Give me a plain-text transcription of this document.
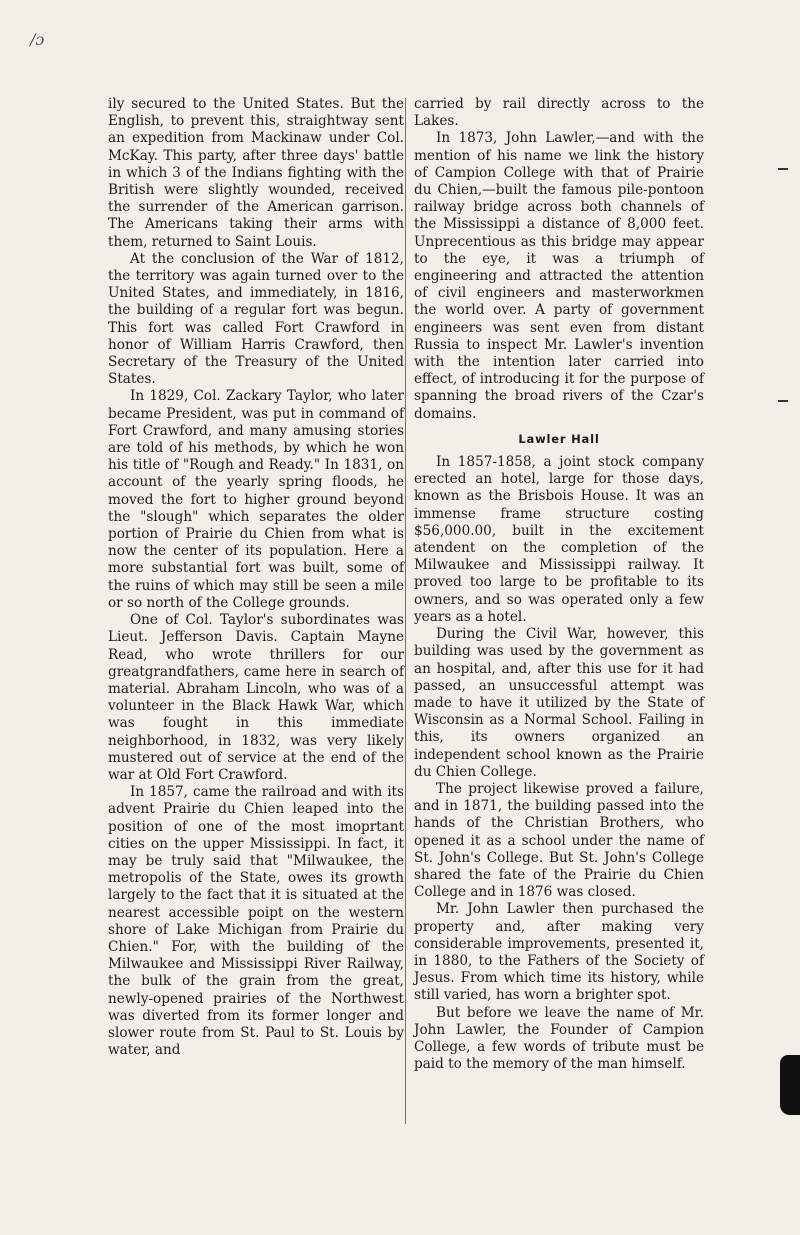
/ɔ

ily secured to the United States. But the English, to prevent this, straightway sent an expedition from Mackinaw under Col. McKay. This party, after three days' battle in which 3 of the Indians fighting with the British were slightly wounded, received the surrender of the American garrison. The Americans taking their arms with them, returned to Saint Louis.

At the conclusion of the War of 1812, the territory was again turned over to the United States, and immediately, in 1816, the building of a regular fort was begun. This fort was called Fort Crawford in honor of William Harris Crawford, then Secretary of the Treasury of the United States.

In 1829, Col. Zackary Taylor, who later became President, was put in command of Fort Crawford, and many amusing stories are told of his methods, by which he won his title of "Rough and Ready." In 1831, on account of the yearly spring floods, he moved the fort to higher ground beyond the "slough" which separates the older portion of Prairie du Chien from what is now the center of its population. Here a more substantial fort was built, some of the ruins of which may still be seen a mile or so north of the College grounds.

One of Col. Taylor's subordinates was Lieut. Jefferson Davis. Captain Mayne Read, who wrote thrillers for our greatgrandfathers, came here in search of material. Abraham Lincoln, who was of a volunteer in the Black Hawk War, which was fought in this immediate neighborhood, in 1832, was very likely mustered out of service at the end of the war at Old Fort Crawford.

In 1857, came the railroad and with its advent Prairie du Chien leaped into the position of one of the most imoprtant cities on the upper Mississippi. In fact, it may be truly said that "Milwaukee, the metropolis of the State, owes its growth largely to the fact that it is situated at the nearest accessible poipt on the western shore of Lake Michigan from Prairie du Chien." For, with the building of the Milwaukee and Mississippi River Railway, the bulk of the grain from the great, newly-opened prairies of the Northwest was diverted from its former longer and slower route from St. Paul to St. Louis by water, and

carried by rail directly across to the Lakes.

In 1873, John Lawler,—and with the mention of his name we link the history of Campion College with that of Prairie du Chien,—built the famous pile-pontoon railway bridge across both channels of the Mississippi a distance of 8,000 feet. Unprecentious as this bridge may appear to the eye, it was a triumph of engineering and attracted the attention of civil engineers and masterworkmen the world over. A party of government engineers was sent even from distant Russia to inspect Mr. Lawler's invention with the intention later carried into effect, of introducing it for the purpose of spanning the broad rivers of the Czar's domains.

Lawler Hall

In 1857-1858, a joint stock company erected an hotel, large for those days, known as the Brisbois House. It was an immense frame structure costing $56,000.00, built in the excitement atendent on the completion of the Milwaukee and Mississippi railway. It proved too large to be profitable to its owners, and so was operated only a few years as a hotel.

During the Civil War, however, this building was used by the government as an hospital, and, after this use for it had passed, an unsuccessful attempt was made to have it utilized by the State of Wisconsin as a Normal School. Failing in this, its owners organized an independent school known as the Prairie du Chien College.

The project likewise proved a failure, and in 1871, the building passed into the hands of the Christian Brothers, who opened it as a school under the name of St. John's College. But St. John's College shared the fate of the Prairie du Chien College and in 1876 was closed.

Mr. John Lawler then purchased the property and, after making very considerable improvements, presented it, in 1880, to the Fathers of the Society of Jesus. From which time its history, while still varied, has worn a brighter spot.

But before we leave the name of Mr. John Lawler, the Founder of Campion College, a few words of tribute must be paid to the memory of the man himself.
